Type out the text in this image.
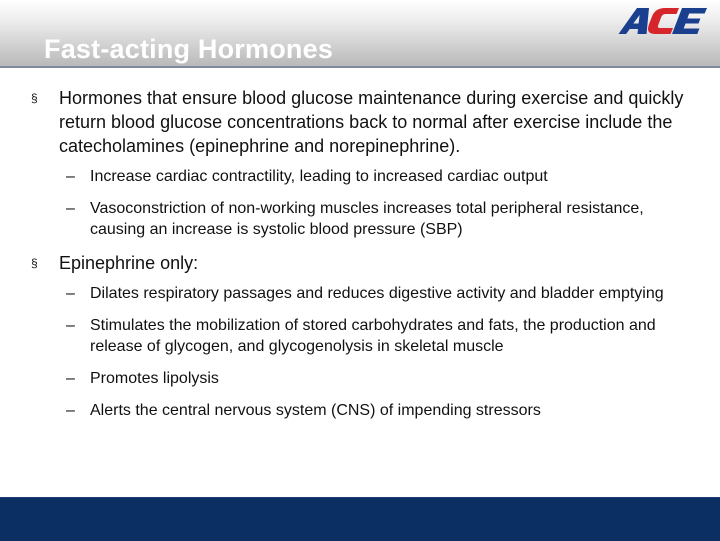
Fast-acting Hormones
§ Hormones that ensure blood glucose maintenance during exercise and quickly return blood glucose concentrations back to normal after exercise include the catecholamines (epinephrine and norepinephrine).
– Increase cardiac contractility, leading to increased cardiac output
– Vasoconstriction of non-working muscles increases total peripheral resistance, causing an increase is systolic blood pressure (SBP)
§ Epinephrine only:
– Dilates respiratory passages and reduces digestive activity and bladder emptying
– Stimulates the mobilization of stored carbohydrates and fats, the production and release of glycogen, and glycogenolysis in skeletal muscle
– Promotes lipolysis
– Alerts the central nervous system (CNS) of impending stressors
